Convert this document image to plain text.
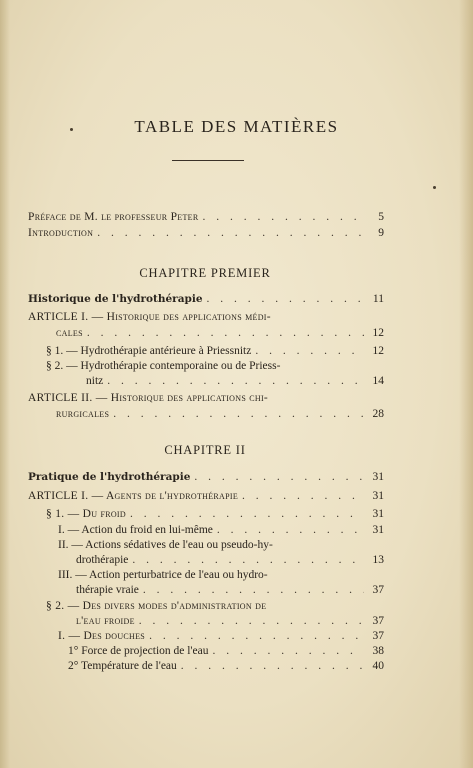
TABLE DES MATIÈRES
Préface de M. le professeur Peter . . .	5
Introduction . . .	9
CHAPITRE PREMIER
Historique de l'hydrothérapie . . .	11
ARTICLE I. — Historique des applications médi-
cales . . .	12
§ 1. — Hydrothérapie antérieure à Priessnitz . . .	12
§ 2. — Hydrothérapie contemporaine ou de Priess-
nitz . . .	14
ARTICLE II. — Historique des applications chi-
rurgicales . . .	28
CHAPITRE II
Pratique de l'hydrothérapie . . .	31
ARTICLE I. — Agents de l'hydrothérapie . . .	31
§ 1. — Du froid . . .	31
I. — Action du froid en lui-même . . .	31
II. — Actions sédatives de l'eau ou pseudo-hy-
drothérapie . . .	13
III. — Action perturbatrice de l'eau ou hydro-
thérapie vraie . . .	37
§ 2. — Des divers modes d'administration de
l'eau froide . . .	37
I. — Des douches . . .	37
1° Force de projection de l'eau . . .	38
2° Température de l'eau . . .	40
